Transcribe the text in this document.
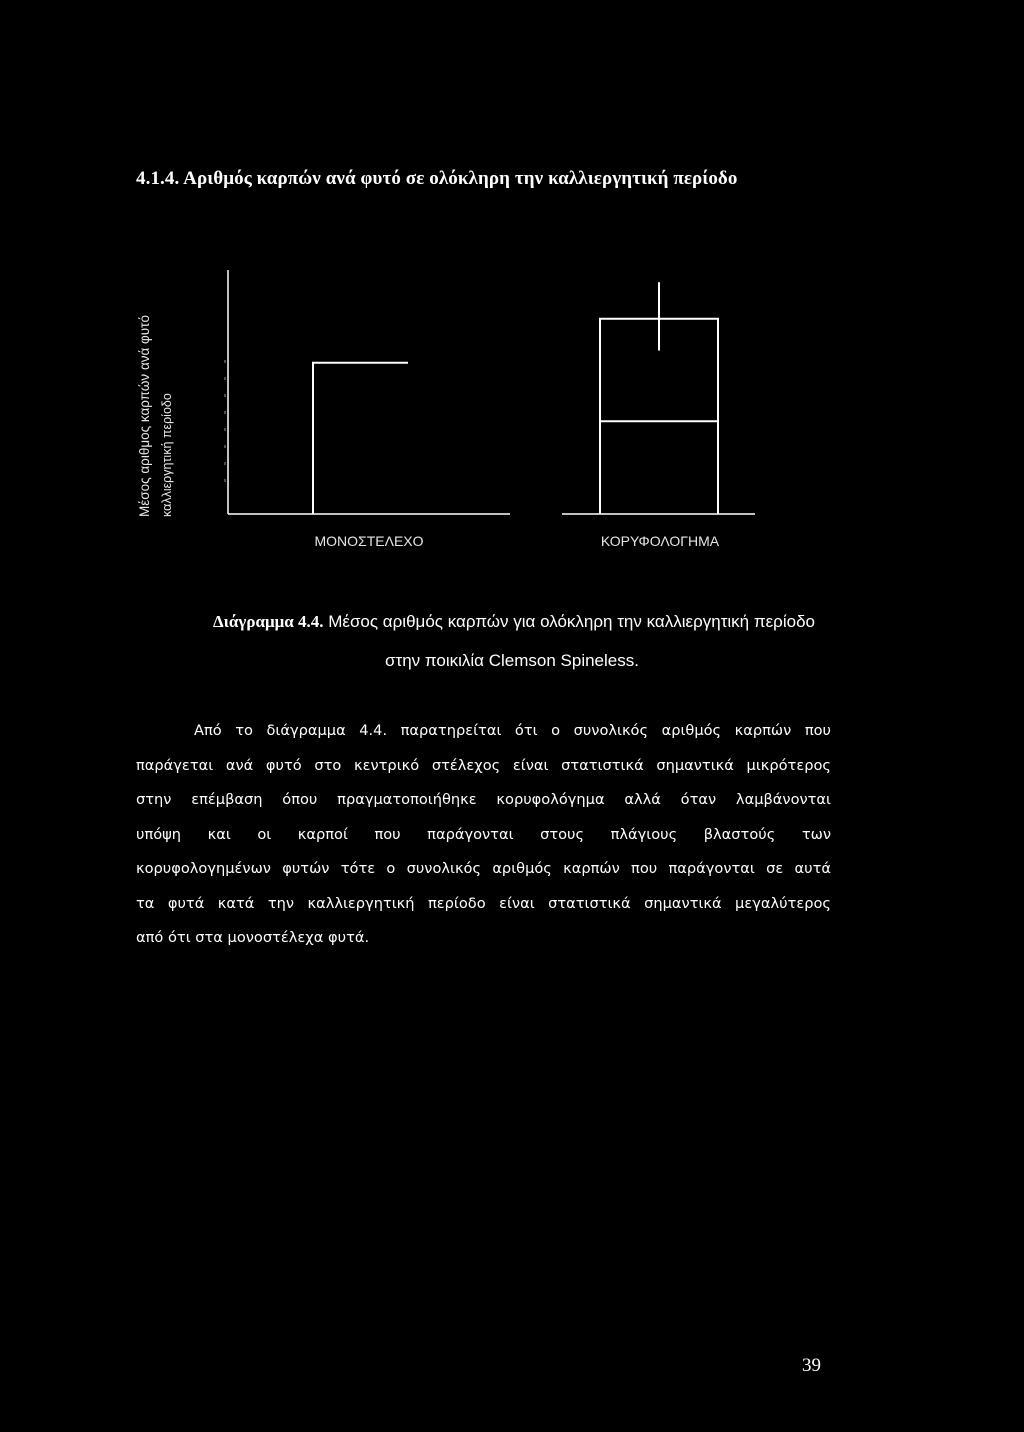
4.1.4. Αριθμός καρπών ανά φυτό σε ολόκληρη την καλλιεργητική περίοδο
Μέσος αριθμος καρπών ανά φυτό καλλιεργητική περίοδο
ΜΟΝΟΣΤΕΛΕΧΟ	ΚΟΡΥΦΟΛΟΓΗΜΑ
Διάγραμμα 4.4. Μέσος αριθμός καρπών για ολόκληρη την καλλιεργητική περίοδο
στην ποικιλία Clemson Spineless.
Από το διάγραμμα 4.4. παρατηρείται ότι ο συνολικός αριθμός καρπών που
παράγεται ανά φυτό στο κεντρικό στέλεχος είναι στατιστικά σημαντικά μικρότερος
στην επέμβαση όπου πραγματοποιήθηκε κορυφολόγημα αλλά όταν λαμβάνονται
υπόψη και οι καρποί που παράγονται στους πλάγιους βλαστούς των
κορυφολογημένων φυτών τότε ο συνολικός αριθμός καρπών που παράγονται σε αυτά
τα φυτά κατά την καλλιεργητική περίοδο είναι στατιστικά σημαντικά μεγαλύτερος
από ότι στα μονοστέλεχα φυτά.
39
